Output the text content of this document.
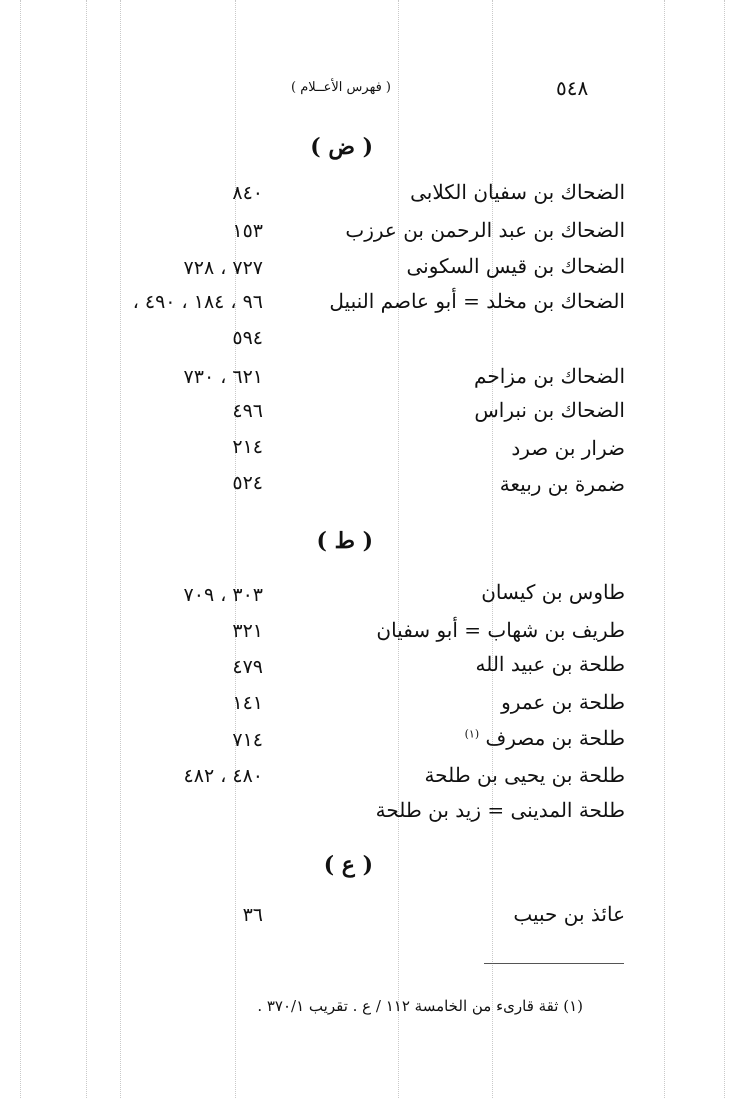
( فهرس الأعــلام )	٥٤٨
( ض )
الضحاك بن سفيان الكلابى
٨٤٠
الضحاك بن عبد الرحمن بن عرزب
١٥٣
الضحاك بن قيس السكونى
٧٢٧ ، ٧٢٨
الضحاك بن مخلد = أبو عاصم النبيل
٩٦ ، ١٨٤ ، ٤٩٠ ،
٥٩٤
الضحاك بن مزاحم
٦٢١ ، ٧٣٠
الضحاك بن نبراس
٤٩٦
ضرار بن صرد
٢١٤
ضمرة بن ربيعة
٥٢٤
( ط )
طاوس بن كيسان
٣٠٣ ، ٧٠٩
طريف بن شهاب = أبو سفيان
٣٢١
طلحة بن عبيد الله
٤٧٩
طلحة بن عمرو
١٤١
طلحة بن مصرف $^{(١)}$
٧١٤
طلحة بن يحيى بن طلحة
٤٨٠ ، ٤٨٢
طلحة المدينى = زيد بن طلحة
( ع )
عائذ بن حبيب
٣٦
(١) ثقة قارىء من الخامسة ١١٢ / ع . تقريب ٣٧٠/١ .
